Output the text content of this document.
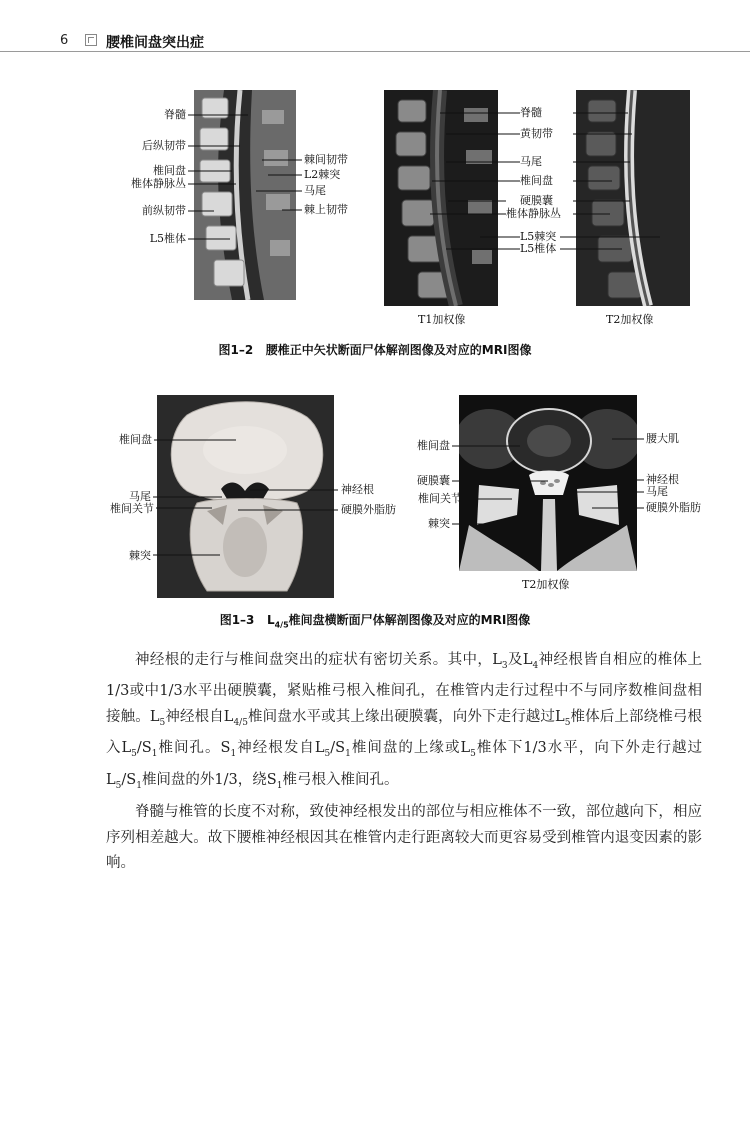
6	腰椎间盘突出症
脊髓
后纵韧带
椎间盘
椎体静脉丛
前纵韧带
L5椎体
棘间韧带
L2棘突
马尾
棘上韧带
脊髓
黄韧带
马尾
椎间盘
硬膜囊
椎体静脉丛
L5棘突
L5椎体
T1加权像	T2加权像
图1–2 腰椎正中矢状断面尸体解剖图像及对应的MRI图像
椎间盘
马尾
椎间关节
棘突
神经根
硬膜外脂肪
椎间盘
硬膜囊
椎间关节
棘突
腰大肌
神经根
马尾
硬膜外脂肪
T2加权像
图1–3 $L_{4/5}$椎间盘横断面尸体解剖图像及对应的MRI图像

神经根的走行与椎间盘突出的症状有密切关系。其中，$L_3$及$L_4$神经根皆自相应的椎体上1/3或中1/3水平出硬膜囊，紧贴椎弓根入椎间孔，在椎管内走行过程中不与同序数椎间盘相接触。$L_5$神经根自$L_{4/5}$椎间盘水平或其上缘出硬膜囊，向外下走行越过$L_5$椎体后上部绕椎弓根入$L_5/S_1$椎间孔。$S_1$神经根发自$L_5/S_1$椎间盘的上缘或$L_5$椎体下1/3水平，向下外走行越过$L_5/S_1$椎间盘的外1/3，绕$S_1$椎弓根入椎间孔。

脊髓与椎管的长度不对称，致使神经根发出的部位与相应椎体不一致，部位越向下，相应序列相差越大。故下腰椎神经根因其在椎管内走行距离较大而更容易受到椎管内退变因素的影响。
